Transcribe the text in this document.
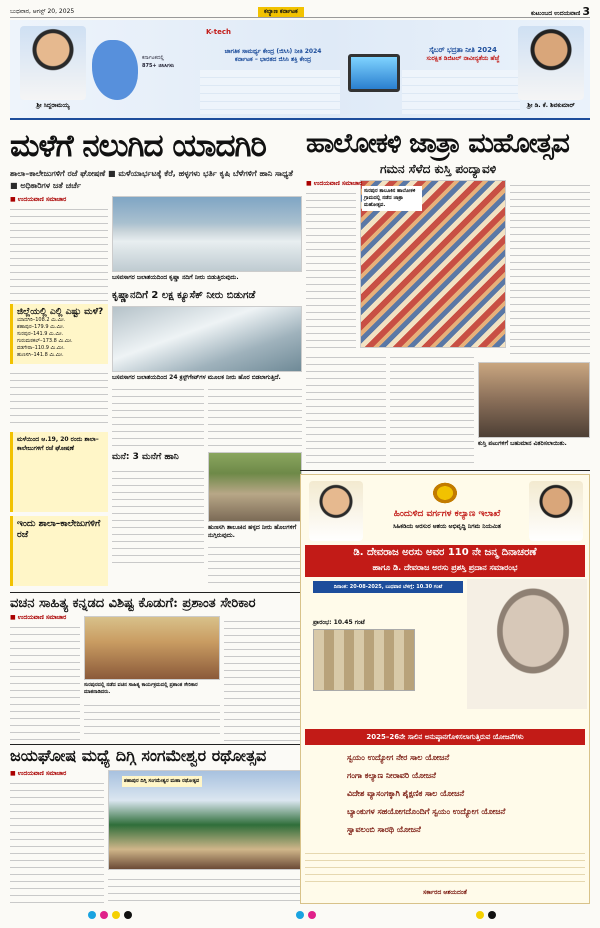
ಬುಧವಾರ, ಆಗಸ್ಟ್ 20, 2025	ಕಲ್ಯಾಣ ಕರ್ನಾಟಕ	ಕುಟುಂಬದ ಉದಯವಾಣಿ 3
ಶ್ರೀ ಸಿದ್ದರಾಮಯ್ಯ
ಕರ್ನಾಟಕದಲ್ಲಿ
875+ ಜಿಸಿಸಿಗಳು
K-tech
ಜಾಗತಿಕ ಸಾಮರ್ಥ್ಯ ಕೇಂದ್ರ (ಜಿಸಿಸಿ) ನೀತಿ 2024
ಕರ್ನಾಟಕ – ಭಾರತದ ಜಿಸಿಸಿ ಶಕ್ತಿ ಕೇಂದ್ರ
ಸೈಬರ್ ಭದ್ರತಾ ನೀತಿ 2024
ಸುರಕ್ಷಿತ ಡಿಜಿಟಲ್ ನಾವೀನ್ಯತೆಯ ಹೆಜ್ಜೆ
ಶ್ರೀ ಡಿ. ಕೆ. ಶಿವಕುಮಾರ್
ಮಳೆಗೆ ನಲುಗಿದ ಯಾದಗಿರಿ
ಶಾಲಾ–ಕಾಲೇಜುಗಳಿಗೆ ರಜೆ ಘೋಷಣೆ ■ ಮಳೆಯಾರ್ಭಟಕ್ಕೆ ಕೆರೆ, ಹಳ್ಳಗಳು ಭರ್ತಿ ಕೃಷಿ ಬೆಳೆಗಳಿಗೆ ಹಾನಿ ಸಾಧ್ಯತೆ ■ ಅಧಿಕಾರಿಗಳ ಜತೆ ಚರ್ಚೆ
■ ಉದಯವಾಣಿ ಸಮಾಚಾರ
ಬಸವಸಾಗರ ಜಲಾಶಯದಿಂದ ಕೃಷ್ಣಾ ನದಿಗೆ ನೀರು ಬಿಡುತ್ತಿರುವುದು.
ಜಿಲ್ಲೆಯಲ್ಲಿ ಎಲ್ಲಿ ಎಷ್ಟು ಮಳೆ?
ಯಾದಗಿರಿ–108.2 ಮಿ.ಮೀ.
ಶಹಾಪುರ–179.9 ಮಿ.ಮೀ.
ಸುರಪುರ–141.9 ಮಿ.ಮೀ.
ಗುರುಮಠಕಲ್–173.8 ಮಿ.ಮೀ.
ವಡಗೇರಾ–110.9 ಮಿ.ಮೀ.
ಹುಣಸಗಿ–141.8 ಮಿ.ಮೀ.
ಕೃಷ್ಣಾನದಿಗೆ 2 ಲಕ್ಷ ಕ್ಯೂಸೆಕ್ ನೀರು ಬಿಡುಗಡೆ
ಬಸವಸಾಗರ ಜಲಾಶಯದಿಂದ 24 ಕ್ರಸ್ಟ್‌ಗೇಟ್‌ಗಳ ಮೂಲಕ ನೀರು ಹೊರ ಬಿಡಲಾಗುತ್ತಿದೆ.
ಮಳೆಯಿಂದ ಆ.19, 20 ರಂದು ಶಾಲಾ–ಕಾಲೇಜುಗಳಿಗೆ ರಜೆ ಘೋಷಣೆ
ಮನೆ: 3 ಮನೆಗೆ ಹಾನಿ
ಹುಣಸಗಿ ತಾಲೂಕಿನ ಹಳ್ಳದ ನೀರು ಹೊಲಗಳಿಗೆ ನುಗ್ಗಿರುವುದು.
ಇಂದು ಶಾಲಾ–ಕಾಲೇಜುಗಳಿಗೆ ರಜೆ
ಹಾಲೋಕಳಿ ಜಾತ್ರಾ ಮಹೋತ್ಸವ
ಗಮನ ಸೆಳೆದ ಕುಸ್ತಿ ಪಂದ್ಯಾವಳಿ
ಸುರಪುರ ತಾಲೂಕಿನ ಹಾಲೋಕಳಿ ಗ್ರಾಮದಲ್ಲಿ ನಡೆದ ಜಾತ್ರಾ ಮಹೋತ್ಸವ.
■ ಉದಯವಾಣಿ ಸಮಾಚಾರ
ಕುಸ್ತಿ ಪಟುಗಳಿಗೆ ಬಹುಮಾನ ವಿತರಿಸಲಾಯಿತು.
ವಚನ ಸಾಹಿತ್ಯ ಕನ್ನಡದ ವಿಶಿಷ್ಟ ಕೊಡುಗೆ: ಪ್ರಶಾಂತ ಸೇರಿಕಾರ
■ ಉದಯವಾಣಿ ಸಮಾಚಾರ
ಸುರಪುರದಲ್ಲಿ ನಡೆದ ವಚನ ಸಾಹಿತ್ಯ ಕಾರ್ಯಕ್ರಮದಲ್ಲಿ ಪ್ರಶಾಂತ ಸೇರಿಕಾರ ಮಾತನಾಡಿದರು.
ಜಯಘೋಷ ಮಧ್ಯೆ ದಿಗ್ಗಿ ಸಂಗಮೇಶ್ವರ ರಥೋತ್ಸವ
■ ಉದಯವಾಣಿ ಸಮಾಚಾರ
ಶಹಾಪುರ ದಿಗ್ಗಿ ಸಂಗಮೇಶ್ವರ ಮಹಾ ರಥೋತ್ಸವ
ಹಿಂದುಳಿದ ವರ್ಗಗಳ ಕಲ್ಯಾಣ ಇಲಾಖೆ
ಸಿಹಿಕಡಿಯ ಅರಸುರ ಆಶಯ ಅಭಿವೃದ್ಧಿ ನಿಗಮ ನಿಯಮಿತ
ಡಿ. ದೇವರಾಜ ಅರಸು ಅವರ 110 ನೇ ಜನ್ಮ ದಿನಾಚರಣೆ
ಹಾಗೂ ಡಿ. ದೇವರಾಜ ಅರಸು ಪ್ರಶಸ್ತಿ ಪ್ರದಾನ ಸಮಾರಂಭ
ದಿನಾಂಕ: 20-08-2025, ಬುಧವಾರ ಬೆಳಗ್ಗೆ: 10.30 ಗಂಟೆ
ಪ್ರಾರಂಭ: 10.45 ಗಂಟೆ
2025–26ನೇ ಸಾಲಿನ ಅನುಷ್ಠಾನಗೊಳಿಸಲಾಗುತ್ತಿರುವ ಯೋಜನೆಗಳು
ಸ್ವಯಂ ಉದ್ಯೋಗ ನೇರ ಸಾಲ ಯೋಜನೆ
ಗಂಗಾ ಕಲ್ಯಾಣ ನೀರಾವರಿ ಯೋಜನೆ
ವಿದೇಶ ವ್ಯಾಸಂಗಕ್ಕಾಗಿ ಶೈಕ್ಷಣಿಕ ಸಾಲ ಯೋಜನೆ
ಬ್ಯಾಂಕುಗಳ ಸಹಯೋಗದೊಂದಿಗೆ ಸ್ವಯಂ ಉದ್ಯೋಗ ಯೋಜನೆ
ಸ್ವಾವಲಂಬಿ ಸಾರಥಿ ಯೋಜನೆ
ಸರ್ಕಾರದ ಆಶಯದಂತೆ
